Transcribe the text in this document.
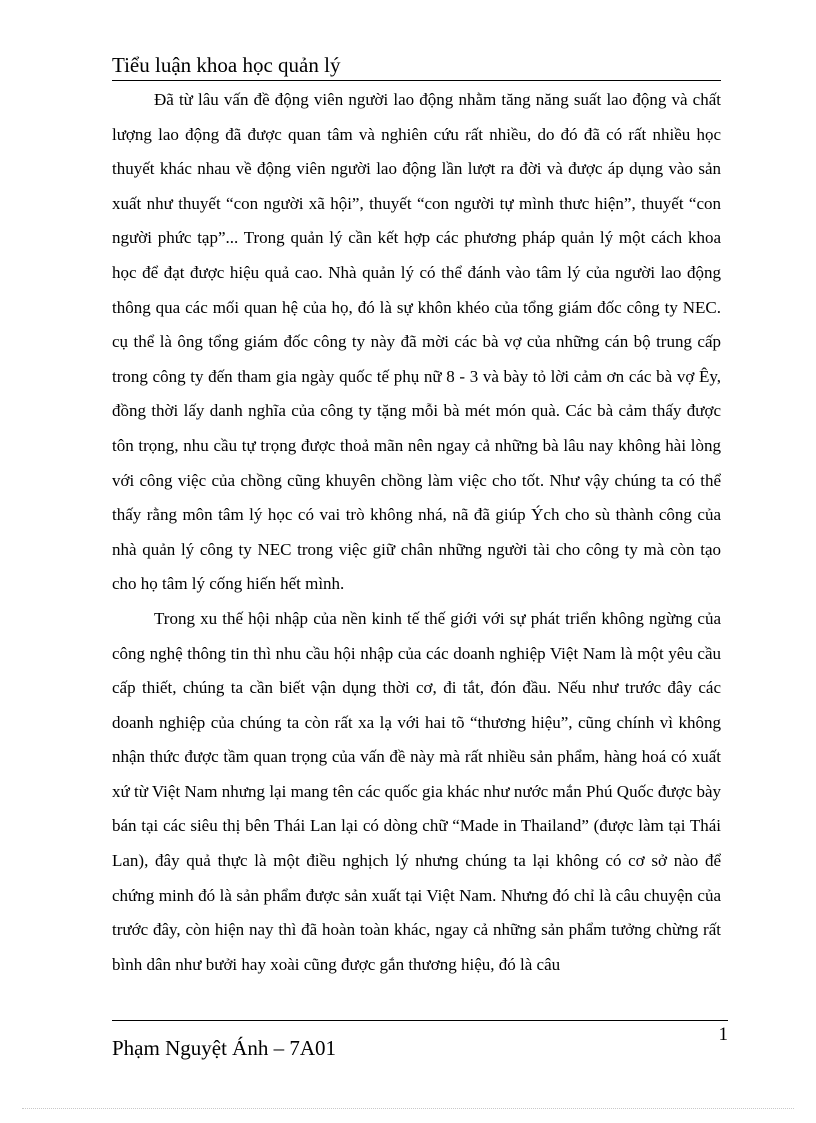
Tiểu luận khoa học quản lý

Đã từ lâu vấn đề động viên người lao động nhằm tăng năng suất lao động và chất lượng lao động đã được quan tâm và nghiên cứu rất nhiều, do đó đã có rất nhiều học thuyết khác nhau về động viên người lao động lần lượt ra đời và được áp dụng vào sản xuất như thuyết “con người xã hội”, thuyết “con người tự mình thưc hiện”, thuyết “con người phức tạp”... Trong quản lý cần kết hợp các phương pháp quản lý một cách khoa học để đạt được hiệu quả cao. Nhà quản lý có thể đánh vào tâm lý của người lao động thông qua các mối quan hệ của họ, đó là sự khôn khéo của tổng giám đốc công ty NEC. cụ thể là ông tổng giám đốc công ty này đã mời các bà vợ của những cán bộ trung cấp trong công ty đến tham gia ngày quốc tế phụ nữ 8 - 3 và bày tỏ lời cảm ơn các bà vợ Êy, đồng thời lấy danh nghĩa của công ty tặng mỗi bà mét món quà. Các bà cảm thấy được tôn trọng, nhu cầu tự trọng được thoả mãn nên ngay cả những bà lâu nay không hài lòng với công việc của chồng cũng khuyên chồng làm việc cho tốt. Như vậy chúng ta có thể thấy rằng môn tâm lý học có vai trò không nhá, nã đã giúp Ých cho sù thành công của nhà quản lý công ty NEC trong việc giữ chân những người tài cho công ty mà còn tạo cho họ tâm lý cống hiến hết mình.

Trong xu thế hội nhập của nền kinh tế thế giới với sự phát triển không ngừng của công nghệ thông tin thì nhu cầu hội nhập của các doanh nghiệp Việt Nam là một yêu cầu cấp thiết, chúng ta cần biết vận dụng thời cơ, đi tắt, đón đầu. Nếu như trước đây các doanh nghiệp của chúng ta còn rất xa lạ với hai tõ “thương hiệu”, cũng chính vì không nhận thức được tầm quan trọng của vấn đề này mà rất nhiều sản phẩm, hàng hoá có xuất xứ từ Việt Nam nhưng lại mang tên các quốc gia khác như nước mắn Phú Quốc được bày bán tại các siêu thị bên Thái Lan lại có dòng chữ “Made in Thailand” (được làm tại Thái Lan), đây quả thực là một điều nghịch lý nhưng chúng ta lại không có cơ sở nào để chứng minh đó là sản phẩm được sản xuất tại Việt Nam. Nhưng đó chỉ là câu chuyện của trước đây, còn hiện nay thì đã hoàn toàn khác, ngay cả những sản phẩm tưởng chừng rất bình dân như bưởi hay xoài cũng được gắn thương hiệu, đó là câu

Phạm Nguyệt Ánh – 7A01
1
